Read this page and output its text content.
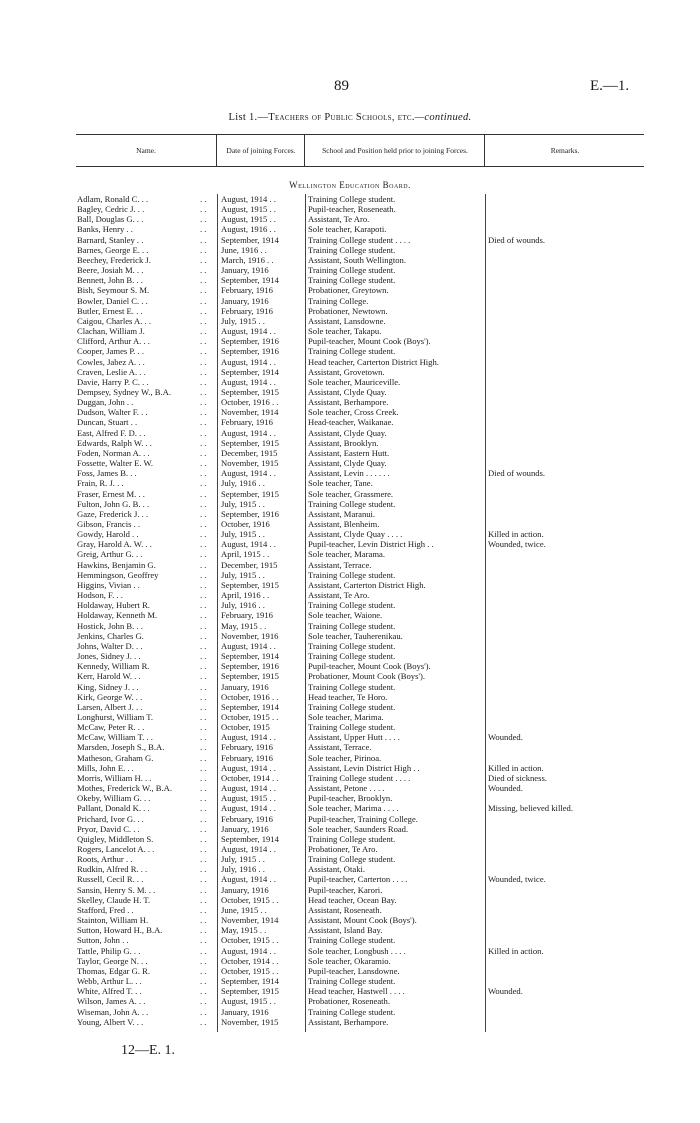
89	E.—1.
List 1.—Teachers of Public Schools, etc.—continued.
Name.	Date of joining Forces.	School and Position held prior to joining Forces.	Remarks.
Wellington Education Board.
Adlam, Ronald C. . .	. .	August, 1914 . .	Training College student.
Bagley, Cedric J. . .	. .	August, 1915 . .	Pupil-teacher, Roseneath.
Ball, Douglas G. . .	. .	August, 1915 . .	Assistant, Te Aro.
Banks, Henry . .	. .	August, 1916 . .	Sole teacher, Karapoti.
Barnard, Stanley . .	. .	September, 1914	Training College student . . . .	Died of wounds.
Barnes, George E. . .	. .	June, 1916 . .	Training College student.
Beechey, Frederick J.	. .	March, 1916 . .	Assistant, South Wellington.
Beere, Josiah M. . .	. .	January, 1916	Training College student.
Bennett, John B. . .	. .	September, 1914	Training College student.
Bish, Seymour S. M.	. .	February, 1916	Probationer, Greytown.
Bowler, Daniel C. . .	. .	January, 1916	Training College.
Butler, Ernest E. . .	. .	February, 1916	Probationer, Newtown.
Caigou, Charles A. . .	. .	July, 1915 . .	Assistant, Lansdowne.
Clachan, William J.	. .	August, 1914 . .	Sole teacher, Takapu.
Clifford, Arthur A. . .	. .	September, 1916	Pupil-teacher, Mount Cook (Boys').
Cooper, James P. . .	. .	September, 1916	Training College student.
Cowles, Jabez A. . .	. .	August, 1914 . .	Head teacher, Carterton District High.
Craven, Leslie A. . .	. .	September, 1914	Assistant, Grovetown.
Davie, Harry P. C. . .	. .	August, 1914 . .	Sole teacher, Mauriceville.
Dempsey, Sydney W., B.A.	. .	September, 1915	Assistant, Clyde Quay.
Duggan, John . .	. .	October, 1916 . .	Assistant, Berhampore.
Dudson, Walter F. . .	. .	November, 1914	Sole teacher, Cross Creek.
Duncan, Stuart . .	. .	February, 1916	Head-teacher, Waikanae.
East, Alfred F. D. . .	. .	August, 1914 . .	Assistant, Clyde Quay.
Edwards, Ralph W. . .	. .	September, 1915	Assistant, Brooklyn.
Foden, Norman A. . .	. .	December, 1915	Assistant, Eastern Hutt.
Fossette, Walter E. W.	. .	November, 1915	Assistant, Clyde Quay.
Foss, James B. . .	. .	August, 1914 . .	Assistant, Levin . . . . . .	Died of wounds.
Frain, R. J. . .	. .	July, 1916 . .	Sole teacher, Tane.
Fraser, Ernest M. . .	. .	September, 1915	Sole teacher, Grassmere.
Fulton, John G. B. . .	. .	July, 1915 . .	Training College student.
Gaze, Frederick J. . .	. .	September, 1916	Assistant, Maranui.
Gibson, Francis . .	. .	October, 1916	Assistant, Blenheim.
Gowdy, Harold . .	. .	July, 1915 . .	Assistant, Clyde Quay . . . .	Killed in action.
Gray, Harold A. W. . .	. .	August, 1914 . .	Pupil-teacher, Levin District High . .	Wounded, twice.
Greig, Arthur G. . .	. .	April, 1915 . .	Sole teacher, Marama.
Hawkins, Benjamin G.	. .	December, 1915	Assistant, Terrace.
Hemmingson, Geoffrey	. .	July, 1915 . .	Training College student.
Higgins, Vivian . .	. .	September, 1915	Assistant, Carterton District High.
Hodson, F. . .	. .	April, 1916 . .	Assistant, Te Aro.
Holdaway, Hubert R.	. .	July, 1916 . .	Training College student.
Holdaway, Kenneth M.	. .	February, 1916	Sole teacher, Waione.
Hostick, John B. . .	. .	May, 1915 . .	Training College student.
Jenkins, Charles G.	. .	November, 1916	Sole teacher, Tauherenikau.
Johns, Walter D. . .	. .	August, 1914 . .	Training College student.
Jones, Sidney J. . .	. .	September, 1914	Training College student.
Kennedy, William R.	. .	September, 1916	Pupil-teacher, Mount Cook (Boys').
Kerr, Harold W. . .	. .	September, 1915	Probationer, Mount Cook (Boys').
King, Sidney J. . .	. .	January, 1916	Training College student.
Kirk, George W. . .	. .	October, 1916 . .	Head teacher, Te Horo.
Larsen, Albert J. . .	. .	September, 1914	Training College student.
Longhurst, William T.	. .	October, 1915 . .	Sole teacher, Marima.
McCaw, Peter R. . .	. .	October, 1915	Training College student.
McCaw, William T. . .	. .	August, 1914 . .	Assistant, Upper Hutt . . . .	Wounded.
Marsden, Joseph S., B.A.	. .	February, 1916	Assistant, Terrace.
Matheson, Graham G.	. .	February, 1916	Sole teacher, Pirinoa.
Mills, John E. . .	. .	August, 1914 . .	Assistant, Levin District High . .	Killed in action.
Morris, William H. . .	. .	October, 1914 . .	Training College student . . . .	Died of sickness.
Mothes, Frederick W., B.A.	. .	August, 1914 . .	Assistant, Petone . . . .	Wounded.
Okeby, William G. . .	. .	August, 1915 . .	Pupil-teacher, Brooklyn.
Pallant, Donald K. . .	. .	August, 1914 . .	Sole teacher, Marima . . . .	Missing, believed killed.
Prichard, Ivor G. . .	. .	February, 1916	Pupil-teacher, Training College.
Pryor, David C. . .	. .	January, 1916	Sole teacher, Saunders Road.
Quigley, Middleton S.	. .	September, 1914	Training College student.
Rogers, Lancelot A. . .	. .	August, 1914 . .	Probationer, Te Aro.
Roots, Arthur . .	. .	July, 1915 . .	Training College student.
Rudkin, Alfred R. . .	. .	July, 1916 . .	Assistant, Otaki.
Russell, Cecil R. . .	. .	August, 1914 . .	Pupil-teacher, Carterton . . . .	Wounded, twice.
Sansin, Henry S. M. . .	. .	January, 1916	Pupil-teacher, Karori.
Skelley, Claude H. T.	. .	October, 1915 . .	Head teacher, Ocean Bay.
Stafford, Fred . .	. .	June, 1915 . .	Assistant, Roseneath.
Stainton, William H.	. .	November, 1914	Assistant, Mount Cook (Boys').
Sutton, Howard H., B.A.	. .	May, 1915 . .	Assistant, Island Bay.
Sutton, John . .	. .	October, 1915 . .	Training College student.
Tattle, Philip G. . .	. .	August, 1914 . .	Sole teacher, Longbush . . . .	Killed in action.
Taylor, George N. . .	. .	October, 1914 . .	Sole teacher, Okaramio.
Thomas, Edgar G. R.	. .	October, 1915 . .	Pupil-teacher, Lansdowne.
Webb, Arthur L. . .	. .	September, 1914	Training College student.
White, Alfred T. . .	. .	September, 1915	Head teacher, Hastwell . . . .	Wounded.
Wilson, James A. . .	. .	August, 1915 . .	Probationer, Roseneath.
Wiseman, John A. . .	. .	January, 1916	Training College student.
Young, Albert V. . .	. .	November, 1915	Assistant, Berhampore.
12—E. 1.
